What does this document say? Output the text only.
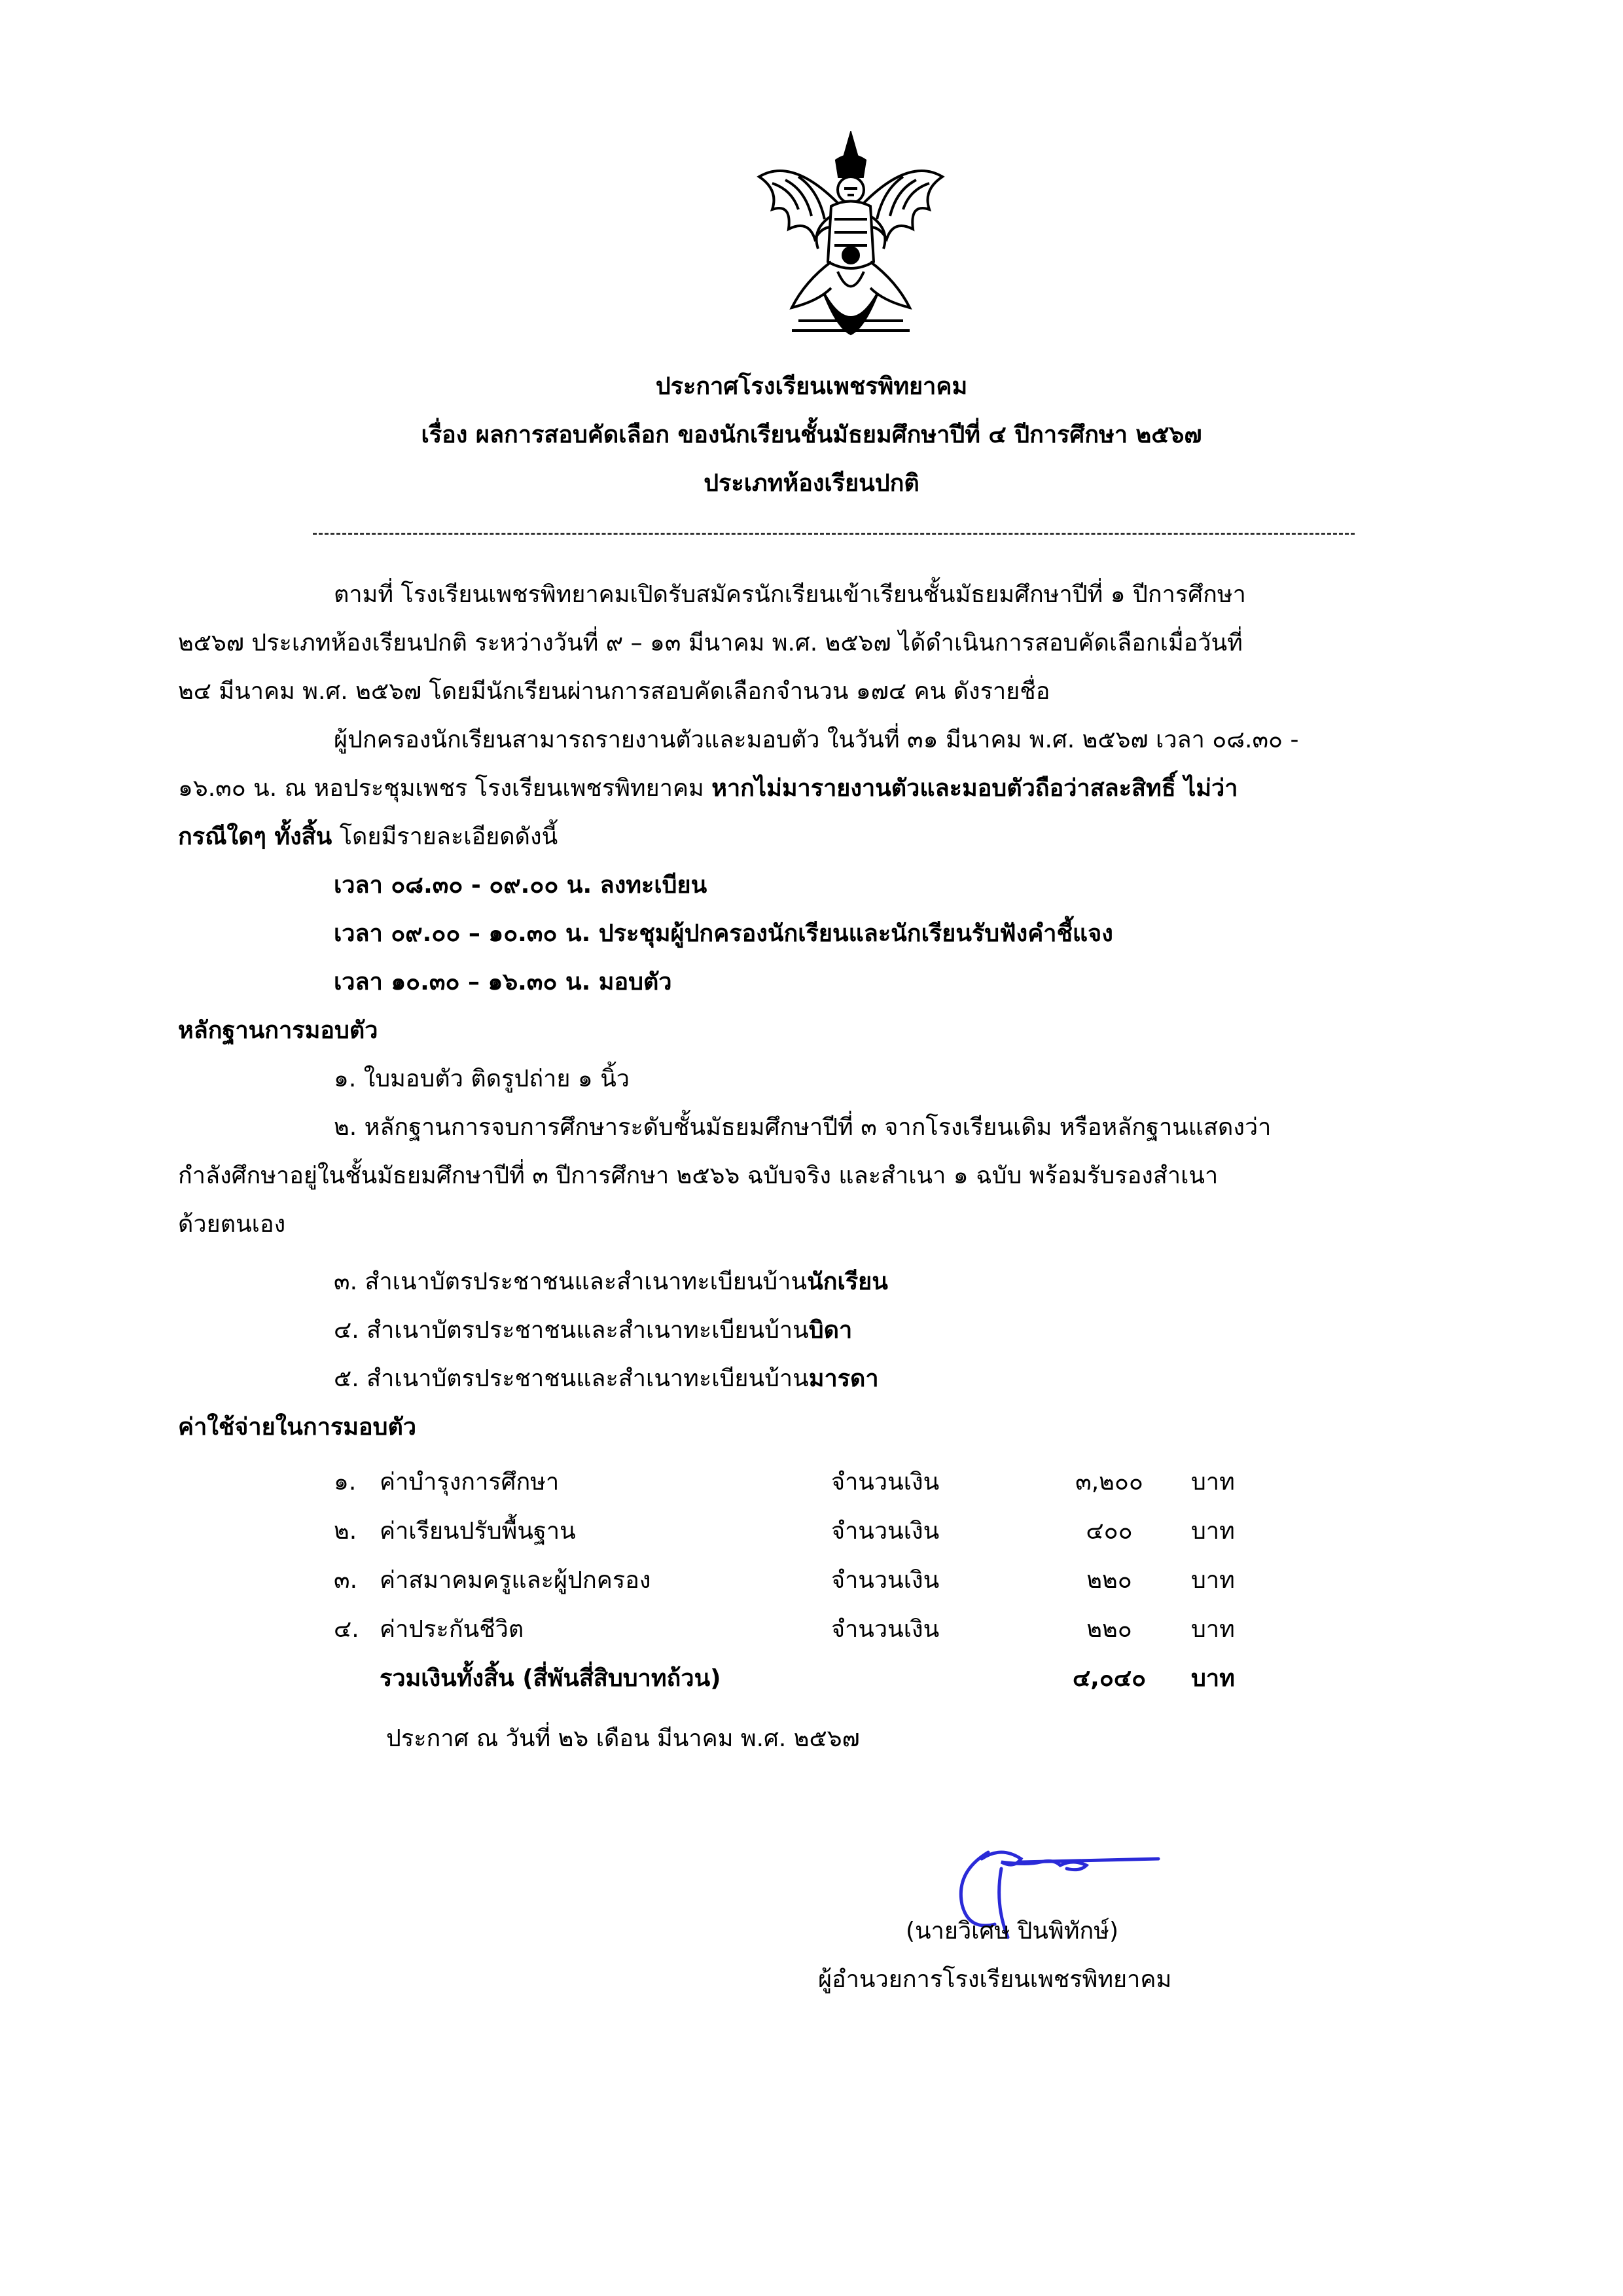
ประกาศโรงเรียนเพชรพิทยาคม
เรื่อง ผลการสอบคัดเลือก ของนักเรียนชั้นมัธยมศึกษาปีที่ ๔ ปีการศึกษา ๒๕๖๗
ประเภทห้องเรียนปกติ
ตามที่ โรงเรียนเพชรพิทยาคมเปิดรับสมัครนักเรียนเข้าเรียนชั้นมัธยมศึกษาปีที่ ๑ ปีการศึกษา
๒๕๖๗ ประเภทห้องเรียนปกติ ระหว่างวันที่ ๙ – ๑๓ มีนาคม พ.ศ. ๒๕๖๗ ได้ดำเนินการสอบคัดเลือกเมื่อวันที่
๒๔ มีนาคม พ.ศ. ๒๕๖๗ โดยมีนักเรียนผ่านการสอบคัดเลือกจำนวน ๑๗๔ คน ดังรายชื่อ
ผู้ปกครองนักเรียนสามารถรายงานตัวและมอบตัว ในวันที่ ๓๑ มีนาคม พ.ศ. ๒๕๖๗ เวลา ๐๘.๓๐ -
๑๖.๓๐ น. ณ หอประชุมเพชร โรงเรียนเพชรพิทยาคม หากไม่มารายงานตัวและมอบตัวถือว่าสละสิทธิ์ ไม่ว่า
กรณีใดๆ ทั้งสิ้น โดยมีรายละเอียดดังนี้
เวลา ๐๘.๓๐ - ๐๙.๐๐ น. ลงทะเบียน
เวลา ๐๙.๐๐ – ๑๐.๓๐ น. ประชุมผู้ปกครองนักเรียนและนักเรียนรับฟังคำชี้แจง
เวลา ๑๐.๓๐ – ๑๖.๓๐ น. มอบตัว
หลักฐานการมอบตัว
๑. ใบมอบตัว ติดรูปถ่าย ๑ นิ้ว
๒. หลักฐานการจบการศึกษาระดับชั้นมัธยมศึกษาปีที่ ๓ จากโรงเรียนเดิม หรือหลักฐานแสดงว่า
กำลังศึกษาอยู่ในชั้นมัธยมศึกษาปีที่ ๓ ปีการศึกษา ๒๕๖๖ ฉบับจริง และสำเนา ๑ ฉบับ พร้อมรับรองสำเนา
ด้วยตนเอง
๓. สำเนาบัตรประชาชนและสำเนาทะเบียนบ้านนักเรียน
๔. สำเนาบัตรประชาชนและสำเนาทะเบียนบ้านบิดา
๕. สำเนาบัตรประชาชนและสำเนาทะเบียนบ้านมารดา
ค่าใช้จ่ายในการมอบตัว
๑.	ค่าบำรุงการศึกษา	จำนวนเงิน	๓,๒๐๐	บาท
๒.	ค่าเรียนปรับพื้นฐาน	จำนวนเงิน	๔๐๐	บาท
๓.	ค่าสมาคมครูและผู้ปกครอง	จำนวนเงิน	๒๒๐	บาท
๔.	ค่าประกันชีวิต	จำนวนเงิน	๒๒๐	บาท
	รวมเงินทั้งสิ้น (สี่พันสี่สิบบาทถ้วน)		๔,๐๔๐	บาท
ประกาศ ณ วันที่ ๒๖ เดือน มีนาคม พ.ศ. ๒๕๖๗
(นายวิเศษ ปินพิทักษ์)
ผู้อำนวยการโรงเรียนเพชรพิทยาคม
